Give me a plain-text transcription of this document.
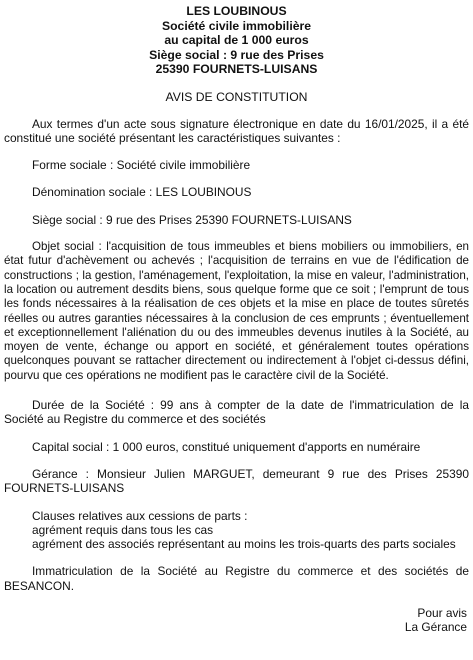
LES LOUBINOUS
Société civile immobilière
au capital de 1 000 euros
Siège social : 9 rue des Prises
25390 FOURNETS-LUISANS
AVIS DE CONSTITUTION

Aux termes d'un acte sous signature électronique en date du 16/01/2025, il a été constitué une société présentant les caractéristiques suivantes :

Forme sociale : Société civile immobilière

Dénomination sociale : LES LOUBINOUS

Siège social : 9 rue des Prises 25390 FOURNETS-LUISANS

Objet social : l'acquisition de tous immeubles et biens mobiliers ou immobiliers, en état futur d'achèvement ou achevés ; l'acquisition de terrains en vue de l'édification de constructions ; la gestion, l'aménagement, l'exploitation, la mise en valeur, l'administration, la location ou autrement desdits biens, sous quelque forme que ce soit ; l'emprunt de tous les fonds nécessaires à la réalisation de ces objets et la mise en place de toutes sûretés réelles ou autres garanties nécessaires à la conclusion de ces emprunts ; éventuellement et exceptionnellement l'aliénation du ou des immeubles devenus inutiles à la Société, au moyen de vente, échange ou apport en société, et généralement toutes opérations quelconques pouvant se rattacher directement ou indirectement à l'objet ci-dessus défini, pourvu que ces opérations ne modifient pas le caractère civil de la Société.

Durée de la Société : 99 ans à compter de la date de l'immatriculation de la Société au Registre du commerce et des sociétés

Capital social : 1 000 euros, constitué uniquement d'apports en numéraire

Gérance : Monsieur Julien MARGUET, demeurant 9 rue des Prises 25390 FOURNETS-LUISANS

Clauses relatives aux cessions de parts :
agrément requis dans tous les cas
agrément des associés représentant au moins les trois-quarts des parts sociales

Immatriculation de la Société au Registre du commerce et des sociétés de BESANCON.

Pour avis
La Gérance
